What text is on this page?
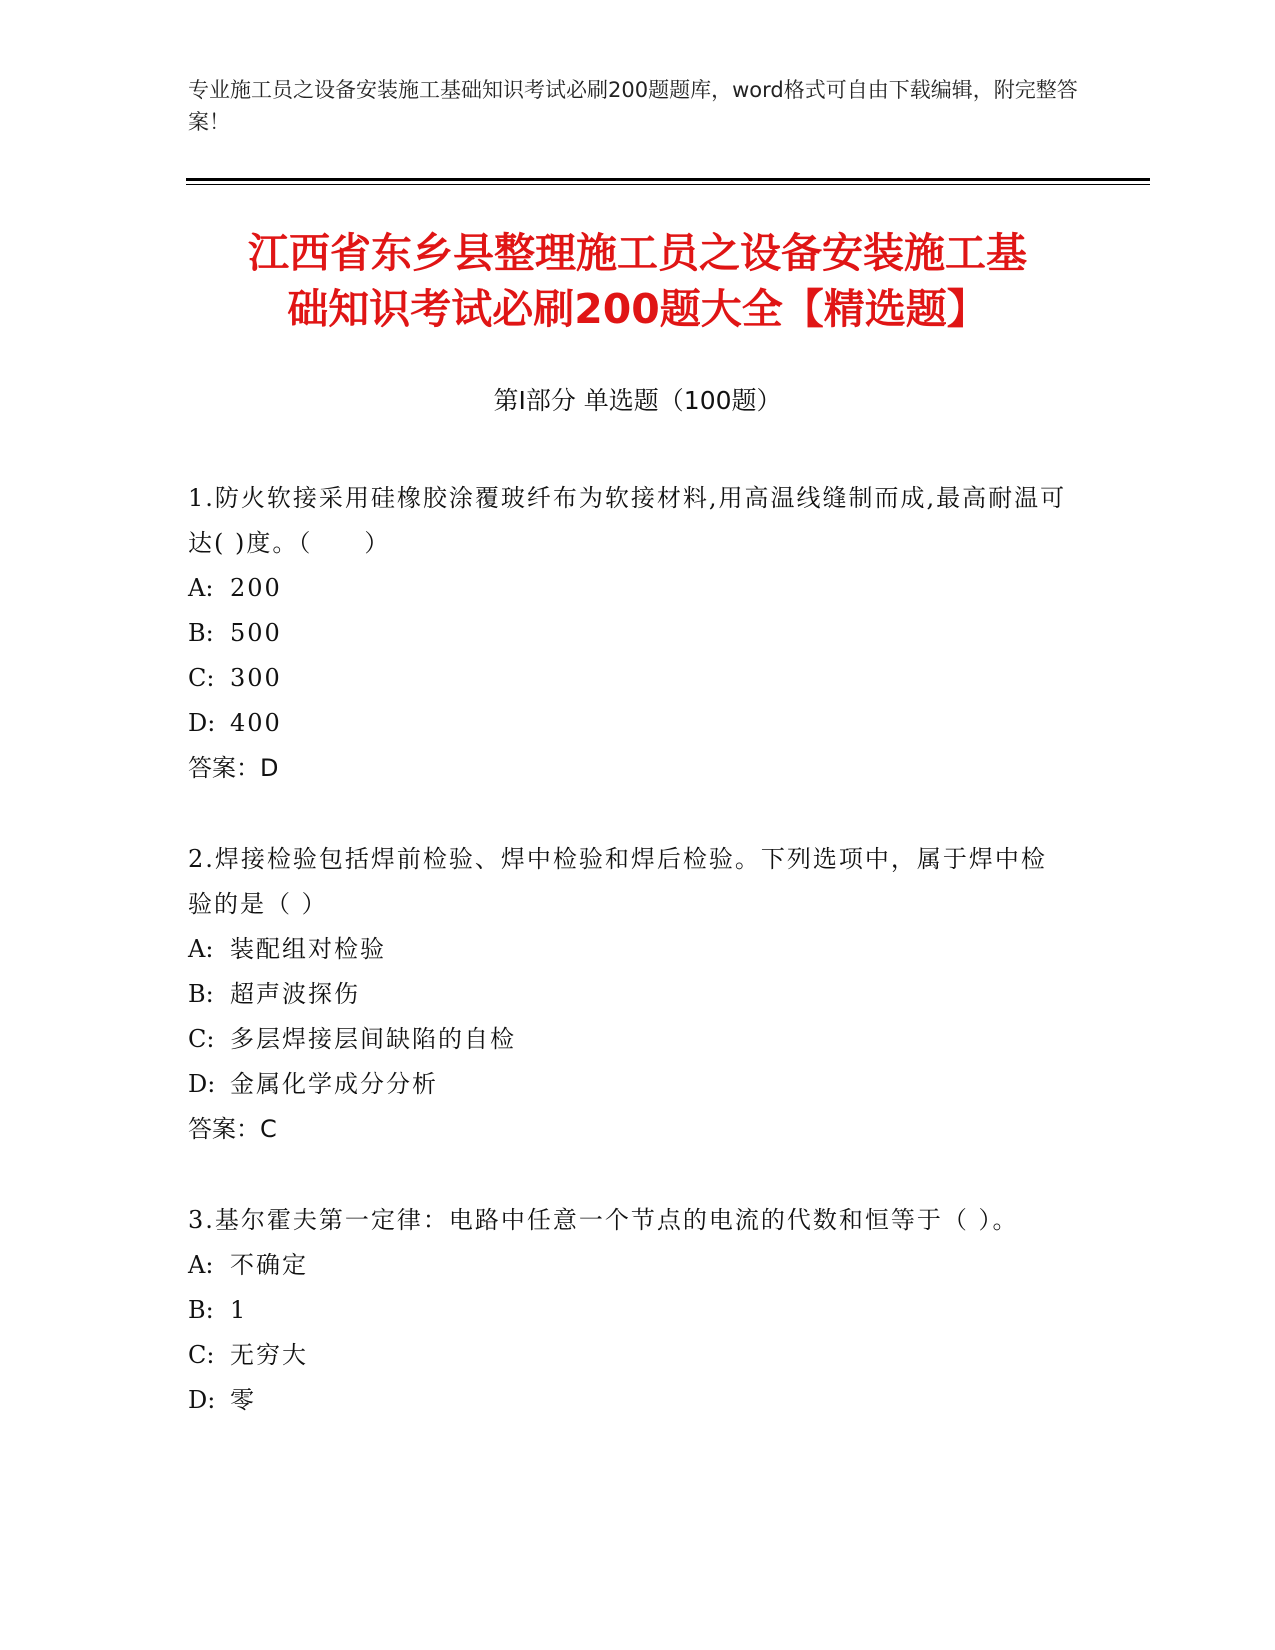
专业施工员之设备安装施工基础知识考试必刷200题题库，word格式可自由下载编辑，附完整答案！
江西省东乡县整理施工员之设备安装施工基
础知识考试必刷200题大全【精选题】
第I部分 单选题（100题）

1.防火软接采用硅橡胶涂覆玻纤布为软接材料,用高温线缝制而成,最高耐温可达( )度。（　　）

A: 200

B: 500

C: 300

D: 400

答案：D

2.焊接检验包括焊前检验、焊中检验和焊后检验。下列选项中，属于焊中检验的是（ ）

A: 装配组对检验

B: 超声波探伤

C: 多层焊接层间缺陷的自检

D: 金属化学成分分析

答案：C

3.基尔霍夫第一定律：电路中任意一个节点的电流的代数和恒等于（ ）。

A: 不确定

B: 1

C: 无穷大

D: 零
